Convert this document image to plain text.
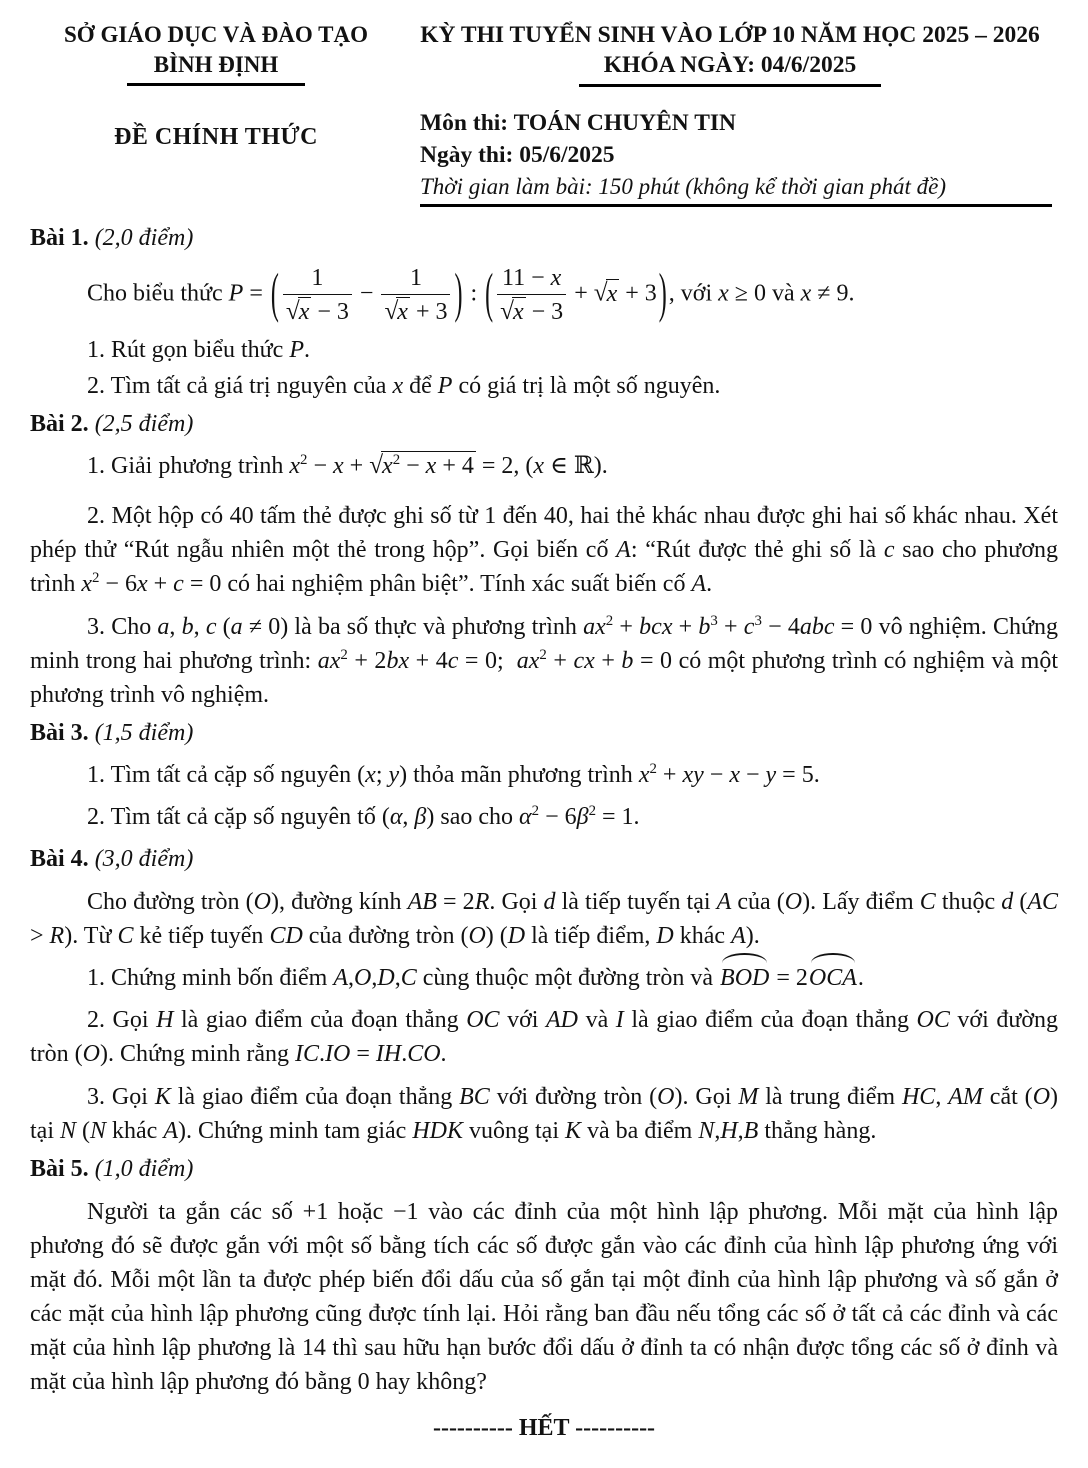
SỞ GIÁO DỤC VÀ ĐÀO TẠO
BÌNH ĐỊNH
ĐỀ CHÍNH THỨC
KỲ THI TUYỂN SINH VÀO LỚP 10 NĂM HỌC 2025 – 2026
KHÓA NGÀY: 04/6/2025
Môn thi: TOÁN CHUYÊN TIN
Ngày thi: 05/6/2025
Thời gian làm bài: 150 phút (không kể thời gian phát đề)
Bài 1. (2,0 điểm)

Cho biểu thức P = ( $\frac{1}{√x - 3} - \frac{1}{√x + 3}$ ) : ( $\frac{11 - x}{√x - 3} + √x + 3$), với x ≥ 0 và x ≠ 9.

1. Rút gọn biểu thức P.

2. Tìm tất cả giá trị nguyên của x để P có giá trị là một số nguyên.

Bài 2. (2,5 điểm)

1. Giải phương trình $x^2 - x + √x^2 - x + 4 = 2$, (x ∈ ℝ).

2. Một hộp có 40 tấm thẻ được ghi số từ 1 đến 40, hai thẻ khác nhau được ghi hai số khác nhau. Xét phép thử “Rút ngẫu nhiên một thẻ trong hộp”. Gọi biến cố A: “Rút được thẻ ghi số là c sao cho phương trình $x^2 - 6x + c = 0$ có hai nghiệm phân biệt”. Tính xác suất biến cố A.

3. Cho a, b, c (a ≠ 0) là ba số thực và phương trình $ax^2$ + bcx + $b^3 + c^3 - 4abc = 0$ vô nghiệm. Chứng minh trong hai phương trình: $ax^2 + 2bx + 4c = 0$;  $ax^2$ + cx + b = 0 có một phương trình có nghiệm và một phương trình vô nghiệm.

Bài 3. (1,5 điểm)

1. Tìm tất cả cặp số nguyên (x; y) thỏa mãn phương trình $x^2$ + xy − x − y = 5.

2. Tìm tất cả cặp số nguyên tố (α, β) sao cho $\alpha^2 - 6\beta^2 = 1$.

Bài 4. (3,0 điểm)

Cho đường tròn (O), đường kính AB = 2R. Gọi d là tiếp tuyến tại A của (O). Lấy điểm C thuộc d (AC > R). Từ C kẻ tiếp tuyến CD của đường tròn (O) (D là tiếp điểm, D khác A).

1. Chứng minh bốn điểm A,O,D,C cùng thuộc một đường tròn và BOD = 2OCA.

2. Gọi H là giao điểm của đoạn thẳng OC với AD và I là giao điểm của đoạn thẳng OC với đường tròn (O). Chứng minh rằng IC.IO = IH.CO.

3. Gọi K là giao điểm của đoạn thẳng BC với đường tròn (O). Gọi M là trung điểm HC, AM cắt (O) tại N (N khác A). Chứng minh tam giác HDK vuông tại K và ba điểm N,H,B thẳng hàng.

Bài 5. (1,0 điểm)

Người ta gắn các số +1 hoặc −1 vào các đỉnh của một hình lập phương. Mỗi mặt của hình lập phương đó sẽ được gắn với một số bằng tích các số được gắn vào các đỉnh của hình lập phương ứng với mặt đó. Mỗi một lần ta được phép biến đổi dấu của số gắn tại một đỉnh của hình lập phương và số gắn ở các mặt của hình lập phương cũng được tính lại. Hỏi rằng ban đầu nếu tổng các số ở tất cả các đỉnh và các mặt của hình lập phương là 14 thì sau hữu hạn bước đổi dấu ở đỉnh ta có nhận được tổng các số ở đỉnh và mặt của hình lập phương đó bằng 0 hay không?

---------- HẾT ----------
